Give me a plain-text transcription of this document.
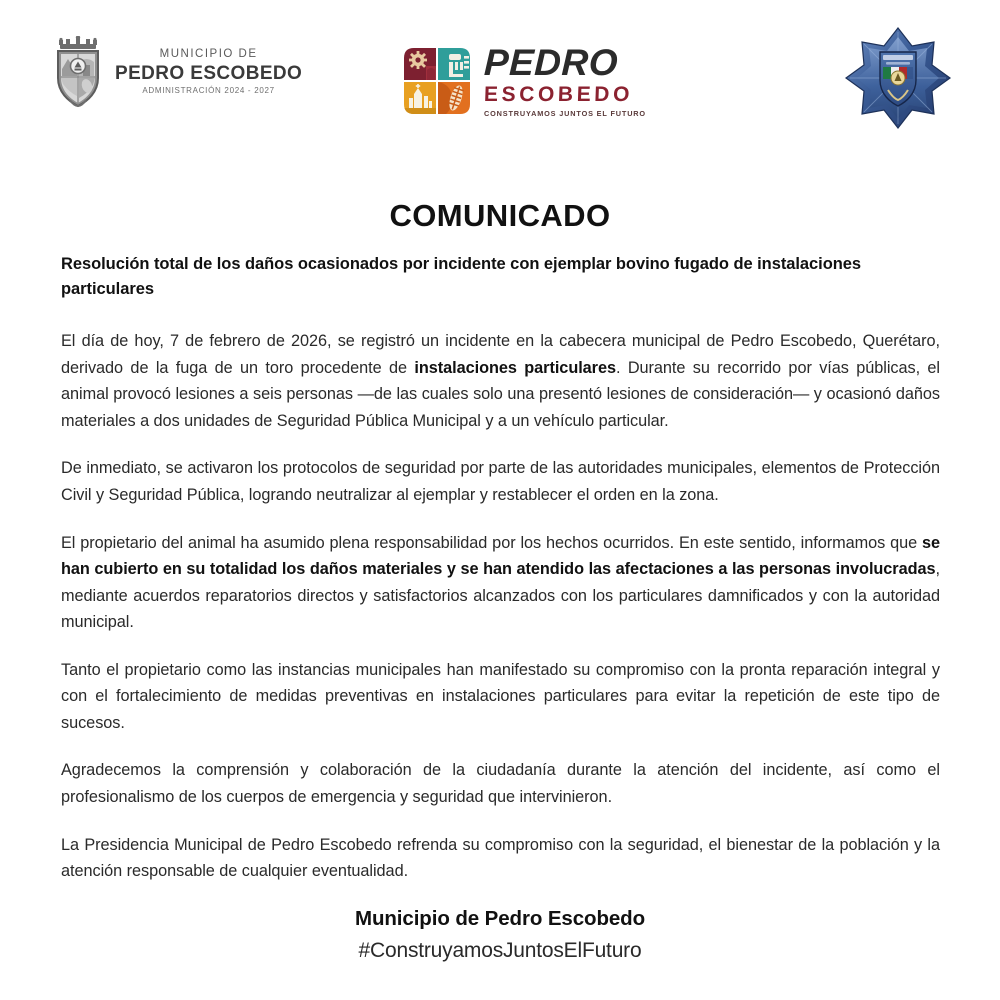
MUNICIPIO DE
PEDRO ESCOBEDO
ADMINISTRACIÓN 2024 - 2027
PEDRO
ESCOBEDO
CONSTRUYAMOS JUNTOS EL FUTURO
COMUNICADO
Resolución total de los daños ocasionados por incidente con ejemplar bovino fugado de instalaciones particulares

El día de hoy, 7 de febrero de 2026, se registró un incidente en la cabecera municipal de Pedro Escobedo, Querétaro, derivado de la fuga de un toro procedente de instalaciones particulares. Durante su recorrido por vías públicas, el animal provocó lesiones a seis personas —de las cuales solo una presentó lesiones de consideración— y ocasionó daños materiales a dos unidades de Seguridad Pública Municipal y a un vehículo particular.

De inmediato, se activaron los protocolos de seguridad por parte de las autoridades municipales, elementos de Protección Civil y Seguridad Pública, logrando neutralizar al ejemplar y restablecer el orden en la zona.

El propietario del animal ha asumido plena responsabilidad por los hechos ocurridos. En este sentido, informamos que se han cubierto en su totalidad los daños materiales y se han atendido las afectaciones a las personas involucradas, mediante acuerdos reparatorios directos y satisfactorios alcanzados con los particulares damnificados y con la autoridad municipal.

Tanto el propietario como las instancias municipales han manifestado su compromiso con la pronta reparación integral y con el fortalecimiento de medidas preventivas en instalaciones particulares para evitar la repetición de este tipo de sucesos.

Agradecemos la comprensión y colaboración de la ciudadanía durante la atención del incidente, así como el profesionalismo de los cuerpos de emergencia y seguridad que intervinieron.

La Presidencia Municipal de Pedro Escobedo refrenda su compromiso con la seguridad, el bienestar de la población y la atención responsable de cualquier eventualidad.

Municipio de Pedro Escobedo
#ConstruyamosJuntosElFuturo
